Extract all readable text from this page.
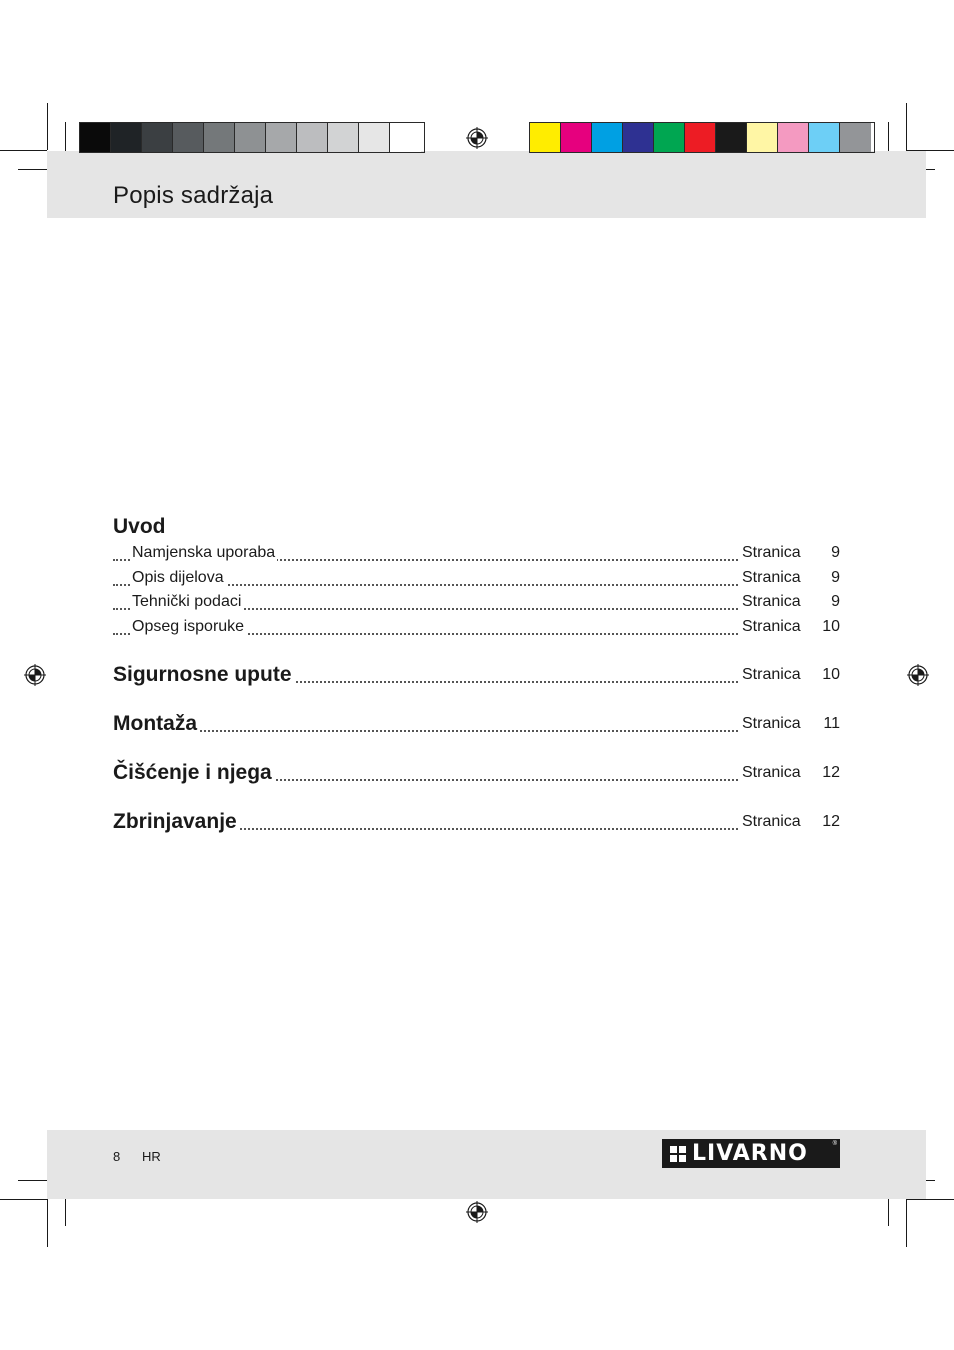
Popis sadržaja
Uvod
Namjenska uporaba	Stranica 9
Opis dijelova	Stranica 9
Tehnički podaci	Stranica 9
Opseg isporuke	Stranica 10
Sigurnosne upute	Stranica 10
Montaža	Stranica 11
Čišćenje i njega	Stranica 12
Zbrinjavanje	Stranica 12
8 HR	LIVARNO	®
